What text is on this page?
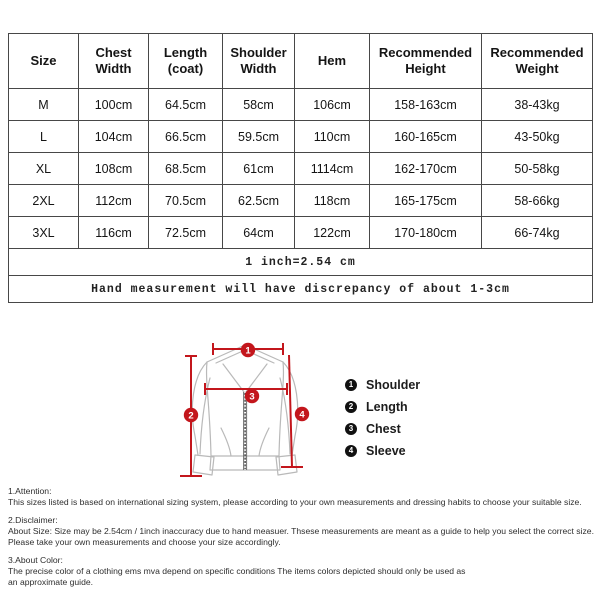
Size	Chest Width	Length (coat)	Shoulder Width	Hem	Recommended Height	Recommended Weight
M	100cm	64.5cm	58cm	106cm	158-163cm	38-43kg
L	104cm	66.5cm	59.5cm	110cm	160-165cm	43-50kg
XL	108cm	68.5cm	61cm	1114cm	162-170cm	50-58kg
2XL	112cm	70.5cm	62.5cm	118cm	165-175cm	58-66kg
3XL	116cm	72.5cm	64cm	122cm	170-180cm	66-74kg
1 inch=2.54 cm						
Hand measurement will have discrepancy of about 1-3cm						
1
2
3
4
1	Shoulder
2	Length
3	Chest
4	Sleeve

1.Attention:

This sizes listed is based on international sizing system, please according to your own measurements and dressing habits to choose your suitable size.

2.Disclaimer:

About Size: Size may be 2.54cm / 1inch inaccuracy due to hand measuer. Thsese measurements are meant as a guide to help you select the correct size.

Please take your own measurements and choose your size accordingly.

3.About Color:

The precise color of a clothing ems mva depend on specific conditions The items colors depicted should only be used as

an approximate guide.
